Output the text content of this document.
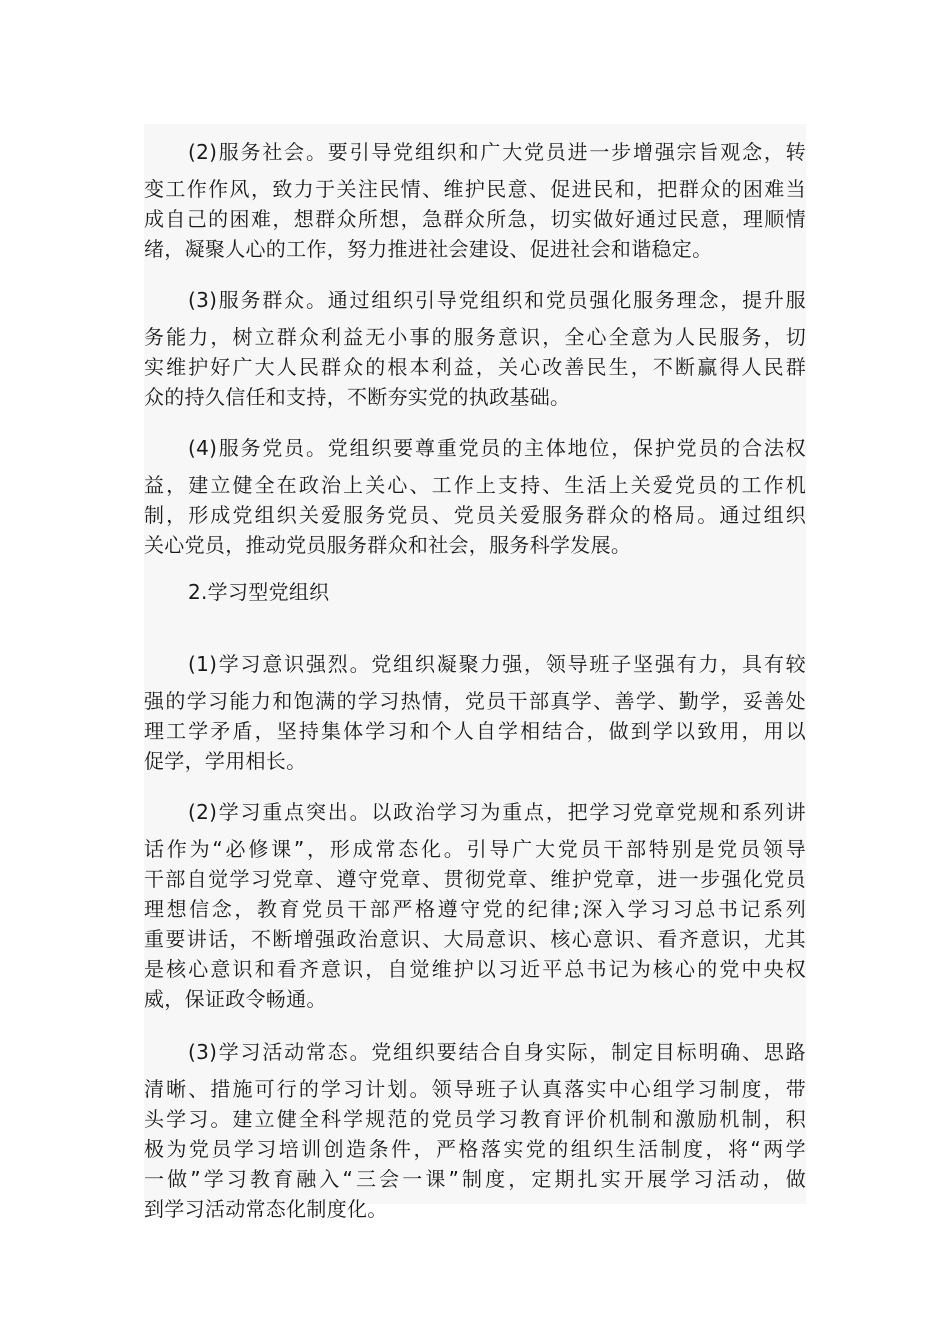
(2)服务社会。要引导党组织和广大党员进一步增强宗旨观念，转
变工作作风，致力于关注民情、维护民意、促进民和，把群众的困难当
成自己的困难，想群众所想，急群众所急，切实做好通过民意，理顺情
绪，凝聚人心的工作，努力推进社会建设、促进社会和谐稳定。
(3)服务群众。通过组织引导党组织和党员强化服务理念，提升服
务能力，树立群众利益无小事的服务意识，全心全意为人民服务，切
实维护好广大人民群众的根本利益，关心改善民生，不断赢得人民群
众的持久信任和支持，不断夯实党的执政基础。
(4)服务党员。党组织要尊重党员的主体地位，保护党员的合法权
益，建立健全在政治上关心、工作上支持、生活上关爱党员的工作机
制，形成党组织关爱服务党员、党员关爱服务群众的格局。通过组织
关心党员，推动党员服务群众和社会，服务科学发展。
2.学习型党组织
(1)学习意识强烈。党组织凝聚力强，领导班子坚强有力，具有较
强的学习能力和饱满的学习热情，党员干部真学、善学、勤学，妥善处
理工学矛盾，坚持集体学习和个人自学相结合，做到学以致用，用以
促学，学用相长。
(2)学习重点突出。以政治学习为重点，把学习党章党规和系列讲
话作为“必修课”，形成常态化。引导广大党员干部特别是党员领导
干部自觉学习党章、遵守党章、贯彻党章、维护党章，进一步强化党员
理想信念，教育党员干部严格遵守党的纪律;深入学习习总书记系列
重要讲话，不断增强政治意识、大局意识、核心意识、看齐意识，尤其
是核心意识和看齐意识，自觉维护以习近平总书记为核心的党中央权
威，保证政令畅通。
(3)学习活动常态。党组织要结合自身实际，制定目标明确、思路
清晰、措施可行的学习计划。领导班子认真落实中心组学习制度，带
头学习。建立健全科学规范的党员学习教育评价机制和激励机制，积
极为党员学习培训创造条件，严格落实党的组织生活制度，将“两学
一做”学习教育融入“三会一课”制度，定期扎实开展学习活动，做
到学习活动常态化制度化。
